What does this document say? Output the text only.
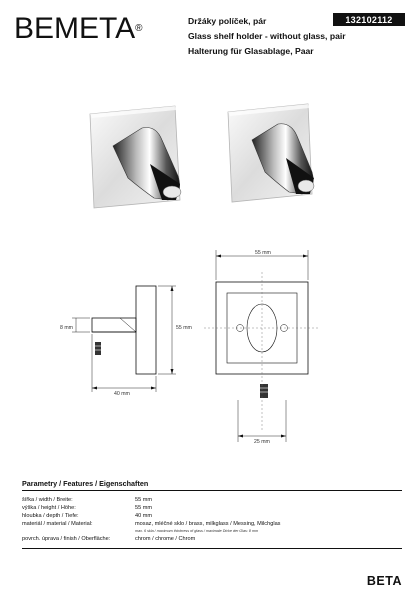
BEMETA®
Držáky políček, pár
Glass shelf holder - without glass, pair
Halterung für Glasablage, Paar
132102112
55 mm
55 mm
40 mm
8 mm
25 mm
Parametry / Features / Eigenschaften
šířka / width / Breite:	55 mm
výška / height / Höhe:	55 mm
hloubka / depth / Tiefe:	40 mm
materiál / material / Material:	mosaz, mléčné sklo / brass, milkglass / Messing, Milchglas
max. 6 skla / maximum thickness of glass / maximale Dicke der Glas: 8 mm
povrch. úprava / finish / Oberfläche:	chrom / chrome / Chrom
BETA
